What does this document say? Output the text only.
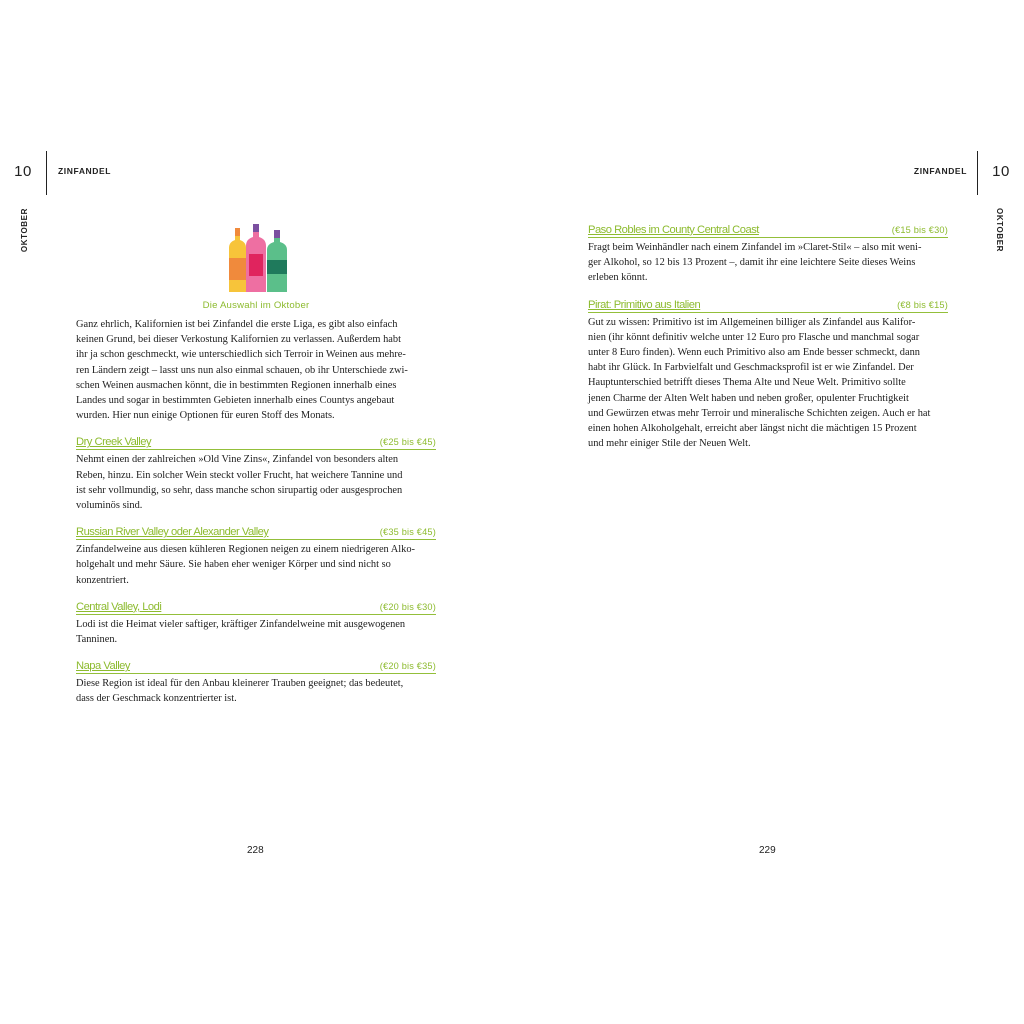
10	ZINFANDEL
OKTOBER
10
ZINFANDEL
OKTOBER
Die Auswahl im Oktober
Ganz ehrlich, Kalifornien ist bei Zinfandel die erste Liga, es gibt also einfach
keinen Grund, bei dieser Verkostung Kalifornien zu verlassen. Außerdem habt
ihr ja schon geschmeckt, wie unterschiedlich sich Terroir in Weinen aus mehre-
ren Ländern zeigt – lasst uns nun also einmal schauen, ob ihr Unterschiede zwi-
schen Weinen ausmachen könnt, die in bestimmten Regionen innerhalb eines
Landes und sogar in bestimmten Gebieten innerhalb eines Countys angebaut
wurden. Hier nun einige Optionen für euren Stoff des Monats.
Dry Creek Valley	(€25 bis €45)
Nehmt einen der zahlreichen »Old Vine Zins«, Zinfandel von besonders alten
Reben, hinzu. Ein solcher Wein steckt voller Frucht, hat weichere Tannine und
ist sehr vollmundig, so sehr, dass manche schon sirupartig oder ausgesprochen
voluminös sind.
Russian River Valley oder Alexander Valley	(€35 bis €45)
Zinfandelweine aus diesen kühleren Regionen neigen zu einem niedrigeren Alko-
holgehalt und mehr Säure. Sie haben eher weniger Körper und sind nicht so
konzentriert.
Central Valley, Lodi	(€20 bis €30)
Lodi ist die Heimat vieler saftiger, kräftiger Zinfandelweine mit ausgewogenen
Tanninen.
Napa Valley	(€20 bis €35)
Diese Region ist ideal für den Anbau kleinerer Trauben geeignet; das bedeutet,
dass der Geschmack konzentrierter ist.
Paso Robles im County Central Coast	(€15 bis €30)
Fragt beim Weinhändler nach einem Zinfandel im »Claret-Stil« – also mit weni-
ger Alkohol, so 12 bis 13 Prozent –, damit ihr eine leichtere Seite dieses Weins
erleben könnt.
Pirat: Primitivo aus Italien	(€8 bis €15)
Gut zu wissen: Primitivo ist im Allgemeinen billiger als Zinfandel aus Kalifor-
nien (ihr könnt definitiv welche unter 12 Euro pro Flasche und manchmal sogar
unter 8 Euro finden). Wenn euch Primitivo also am Ende besser schmeckt, dann
habt ihr Glück. In Farbvielfalt und Geschmacksprofil ist er wie Zinfandel. Der
Hauptunterschied betrifft dieses Thema Alte und Neue Welt. Primitivo sollte
jenen Charme der Alten Welt haben und neben großer, opulenter Fruchtigkeit
und Gewürzen etwas mehr Terroir und mineralische Schichten zeigen. Auch er hat
einen hohen Alkoholgehalt, erreicht aber längst nicht die mächtigen 15 Prozent
und mehr einiger Stile der Neuen Welt.
228	229
